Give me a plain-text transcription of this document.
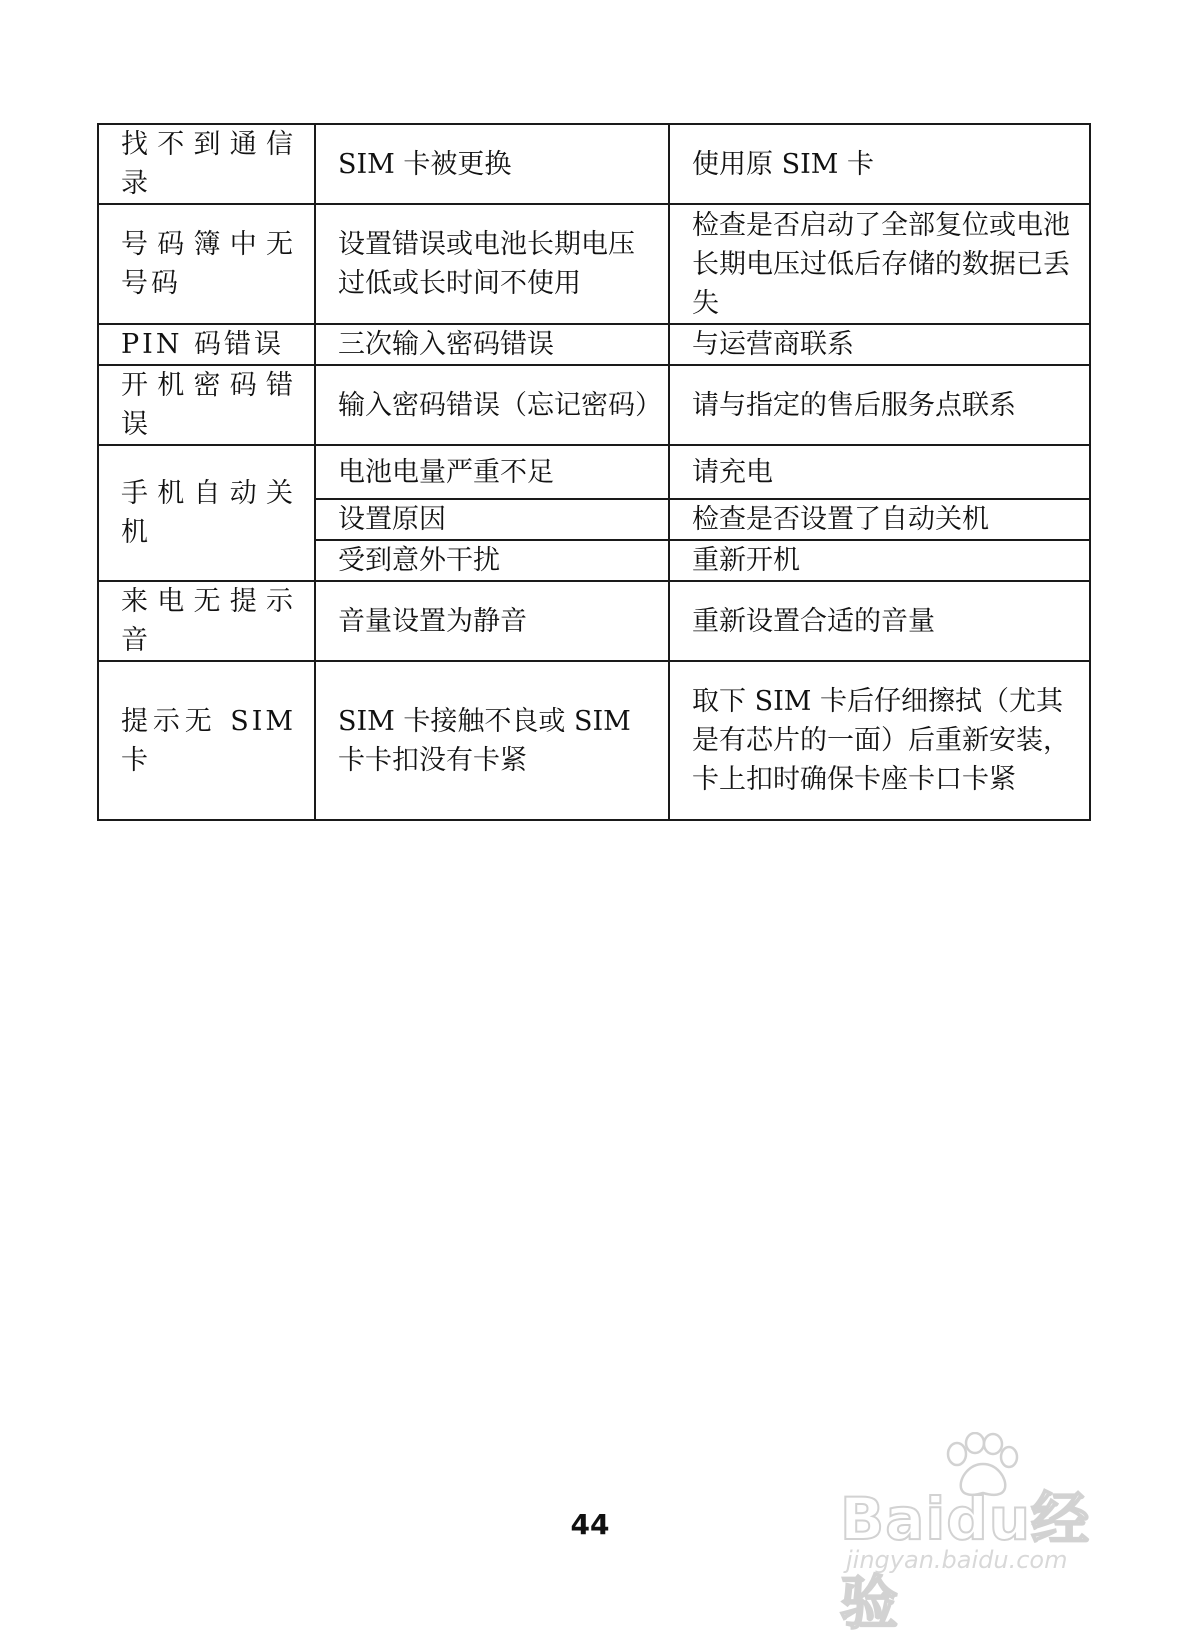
找不到通信录	SIM 卡被更换	使用原 SIM 卡
号码簿中无号码	设置错误或电池长期电压过低或长时间不使用	检查是否启动了全部复位或电池长期电压过低后存储的数据已丢失
PIN 码错误	三次输入密码错误	与运营商联系
开机密码错误	输入密码错误（忘记密码）	请与指定的售后服务点联系
手机自动关机	电池电量严重不足	请充电
	设置原因	检查是否设置了自动关机
	受到意外干扰	重新开机
来电无提示音	音量设置为静音	重新设置合适的音量
提示无 SIM 卡	SIM 卡接触不良或 SIM 卡卡扣没有卡紧	取下 SIM 卡后仔细擦拭（尤其是有芯片的一面）后重新安装，卡上扣时确保卡座卡口卡紧
44	Baidu经验
jingyan.baidu.com
